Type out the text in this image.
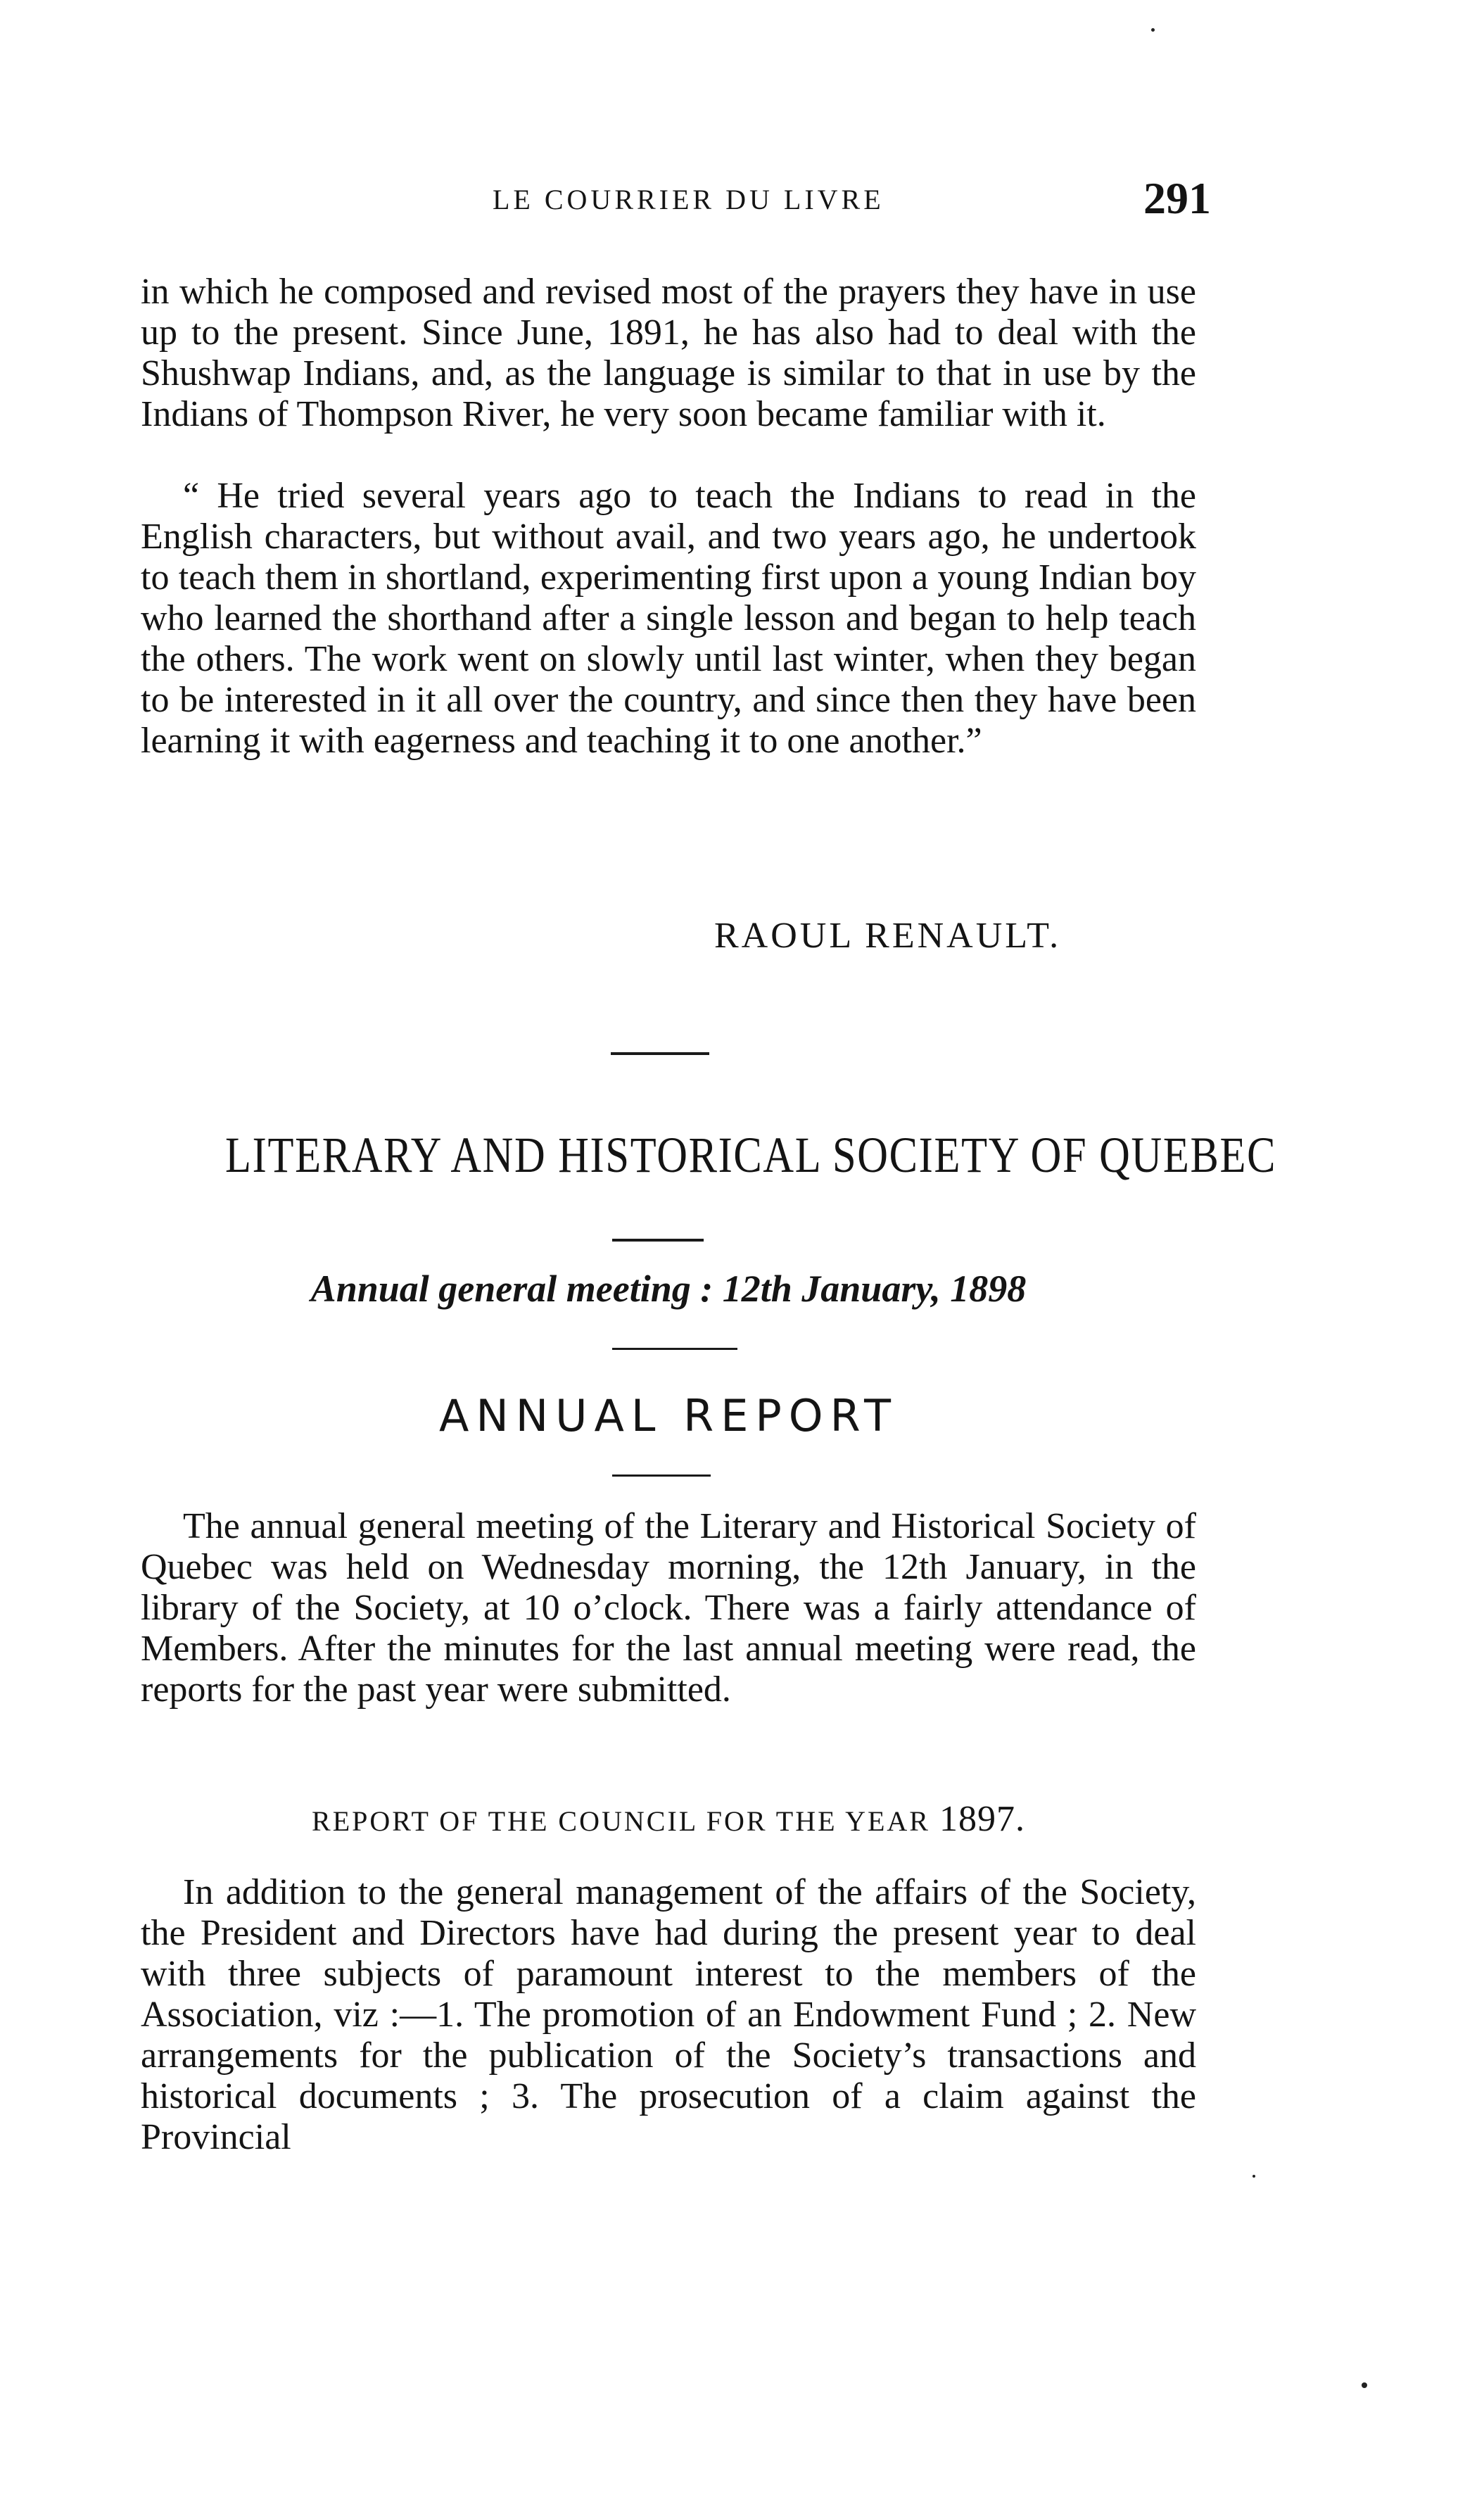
LE COURRIER DU LIVRE	291
in which he composed and revised most of the prayers they have in use up to the present. Since June, 1891, he has also had to deal with the Shushwap Indians, and, as the language is similar to that in use by the Indians of Thompson River, he very soon became familiar with it.
“ He tried several years ago to teach the Indians to read in the English characters, but without avail, and two years ago, he undertook to teach them in shortland, experimenting first upon a young Indian boy who learned the shorthand after a single lesson and began to help teach the others. The work went on slowly until last winter, when they began to be interested in it all over the country, and since then they have been learning it with eagerness and teaching it to one another.”
RAOUL RENAULT.
LITERARY AND HISTORICAL SOCIETY OF QUEBEC
Annual general meeting : 12th January, 1898
ANNUAL REPORT
The annual general meeting of the Literary and Historical Society of Quebec was held on Wednesday morning, the 12th January, in the library of the Society, at 10 o’clock. There was a fairly attendance of Members. After the minutes for the last annual meeting were read, the reports for the past year were submitted.
REPORT OF THE COUNCIL FOR THE YEAR 1897.
In addition to the general management of the affairs of the Society, the President and Directors have had during the present year to deal with three subjects of paramount interest to the members of the Association, viz :—1. The promotion of an Endowment Fund ; 2. New arrangements for the publication of the Society’s transactions and historical documents ; 3. The prosecution of a claim against the Provincial
